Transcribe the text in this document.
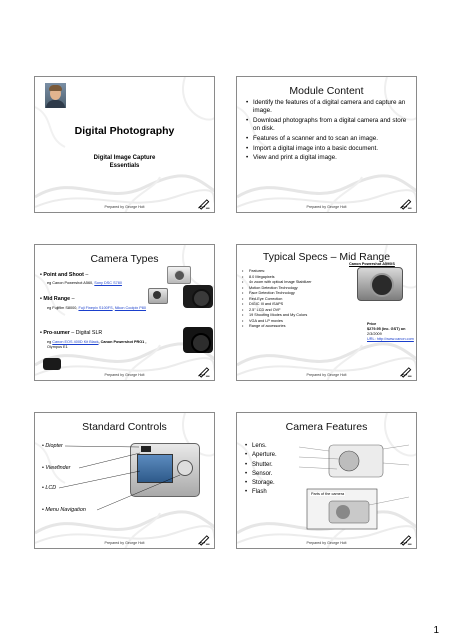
Digital Photography
Digital Image Capture
Essentials
Prepared by George Holt
Module Content
• Identify the features of a digital camera and capture an image.
• Download photographs from a digital camera and store on disk.
• Features of a scanner and to scan an image.
• Import a digital image into a basic document.
• View and print a digital image.
Prepared by George Holt
Camera Types
• Point and Shoot –
eg Canon Powershot A560, Sony DSC S780
• Mid Range –
eg Fujifilm S8000, Fuji Finepix S100FS, Nikon Coolpix P80
• Pro-sumer – Digital SLR
eg Canon EOS 400D Kit Black, Canon Powershot PRO1 ,
Olympus E1
Prepared by George Holt
Typical Specs – Mid Range
Canon Powershot A590IS
• Features:
• 8.0 Megapixels
• 4x zoom with optical Image Stabilizer
• Motion Detection Technology
• Face Detection Technology
• Red-Eye Correction
• DIGIC III and iSAPS
• 2.5" LCD and OVF
• 19 Shooting Modes and My Colors
• VGA and LP movies
• Range of accessories	Price
$279.95 (inc. GST) on
2/3/2009
URL: http://www.canon.com
Prepared by George Holt
Standard Controls
• Diopter
• Viewfinder
• LCD
• Menu Navigation
Prepared by George Holt
Camera Features
• Lens.
• Aperture.
• Shutter.
• Sensor.
• Storage.
• Flash	Parts of the camera
Prepared by George Holt
1
